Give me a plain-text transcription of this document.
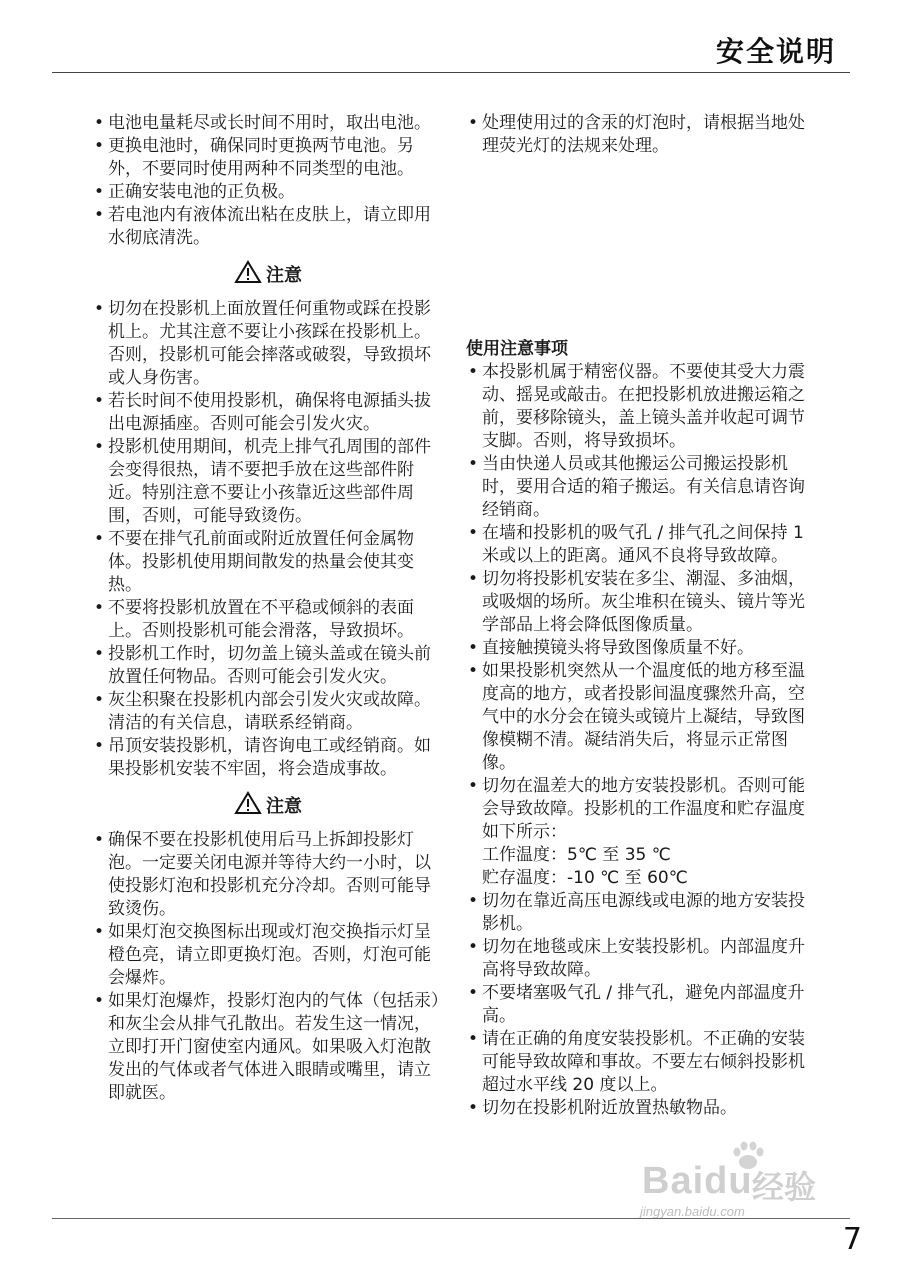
安全说明
• 电池电量耗尽或长时间不用时，取出电池。
• 更换电池时，确保同时更换两节电池。另外，不要同时使用两种不同类型的电池。
• 正确安装电池的正负极。
• 若电池内有液体流出粘在皮肤上，请立即用水彻底清洗。
注意
• 切勿在投影机上面放置任何重物或踩在投影机上。尤其注意不要让小孩踩在投影机上。否则，投影机可能会摔落或破裂，导致损坏或人身伤害。
• 若长时间不使用投影机，确保将电源插头拔出电源插座。否则可能会引发火灾。
• 投影机使用期间，机壳上排气孔周围的部件会变得很热，请不要把手放在这些部件附近。特别注意不要让小孩靠近这些部件周围，否则，可能导致烫伤。
• 不要在排气孔前面或附近放置任何金属物体。投影机使用期间散发的热量会使其变热。
• 不要将投影机放置在不平稳或倾斜的表面上。否则投影机可能会滑落，导致损坏。
• 投影机工作时，切勿盖上镜头盖或在镜头前放置任何物品。否则可能会引发火灾。
• 灰尘积聚在投影机内部会引发火灾或故障。清洁的有关信息，请联系经销商。
• 吊顶安装投影机，请咨询电工或经销商。如果投影机安装不牢固，将会造成事故。
注意
• 确保不要在投影机使用后马上拆卸投影灯泡。一定要关闭电源并等待大约一小时，以使投影灯泡和投影机充分冷却。否则可能导致烫伤。
• 如果灯泡交换图标出现或灯泡交换指示灯呈橙色亮，请立即更换灯泡。否则，灯泡可能会爆炸。
• 如果灯泡爆炸，投影灯泡内的气体（包括汞）和灰尘会从排气孔散出。若发生这一情况，立即打开门窗使室内通风。如果吸入灯泡散发出的气体或者气体进入眼睛或嘴里，请立即就医。
• 处理使用过的含汞的灯泡时，请根据当地处理荧光灯的法规来处理。
使用注意事项
• 本投影机属于精密仪器。不要使其受大力震动、摇晃或敲击。在把投影机放进搬运箱之前，要移除镜头，盖上镜头盖并收起可调节支脚。否则，将导致损坏。
• 当由快递人员或其他搬运公司搬运投影机时，要用合适的箱子搬运。有关信息请咨询经销商。
• 在墙和投影机的吸气孔 / 排气孔之间保持 1 米或以上的距离。通风不良将导致故障。
• 切勿将投影机安装在多尘、潮湿、多油烟，或吸烟的场所。灰尘堆积在镜头、镜片等光学部品上将会降低图像质量。
• 直接触摸镜头将导致图像质量不好。
• 如果投影机突然从一个温度低的地方移至温度高的地方，或者投影间温度骤然升高，空气中的水分会在镜头或镜片上凝结，导致图像模糊不清。凝结消失后，将显示正常图像。
• 切勿在温差大的地方安装投影机。否则可能会导致故障。投影机的工作温度和贮存温度如下所示：
工作温度：5℃ 至 35 ℃
贮存温度：-10 ℃ 至 60℃
• 切勿在靠近高压电源线或电源的地方安装投影机。
• 切勿在地毯或床上安装投影机。内部温度升高将导致故障。
• 不要堵塞吸气孔 / 排气孔，避免内部温度升高。
• 请在正确的角度安装投影机。不正确的安装可能导致故障和事故。不要左右倾斜投影机超过水平线 20 度以上。
• 切勿在投影机附近放置热敏物品。
Baidu 经验
jingyan.baidu.com
7
